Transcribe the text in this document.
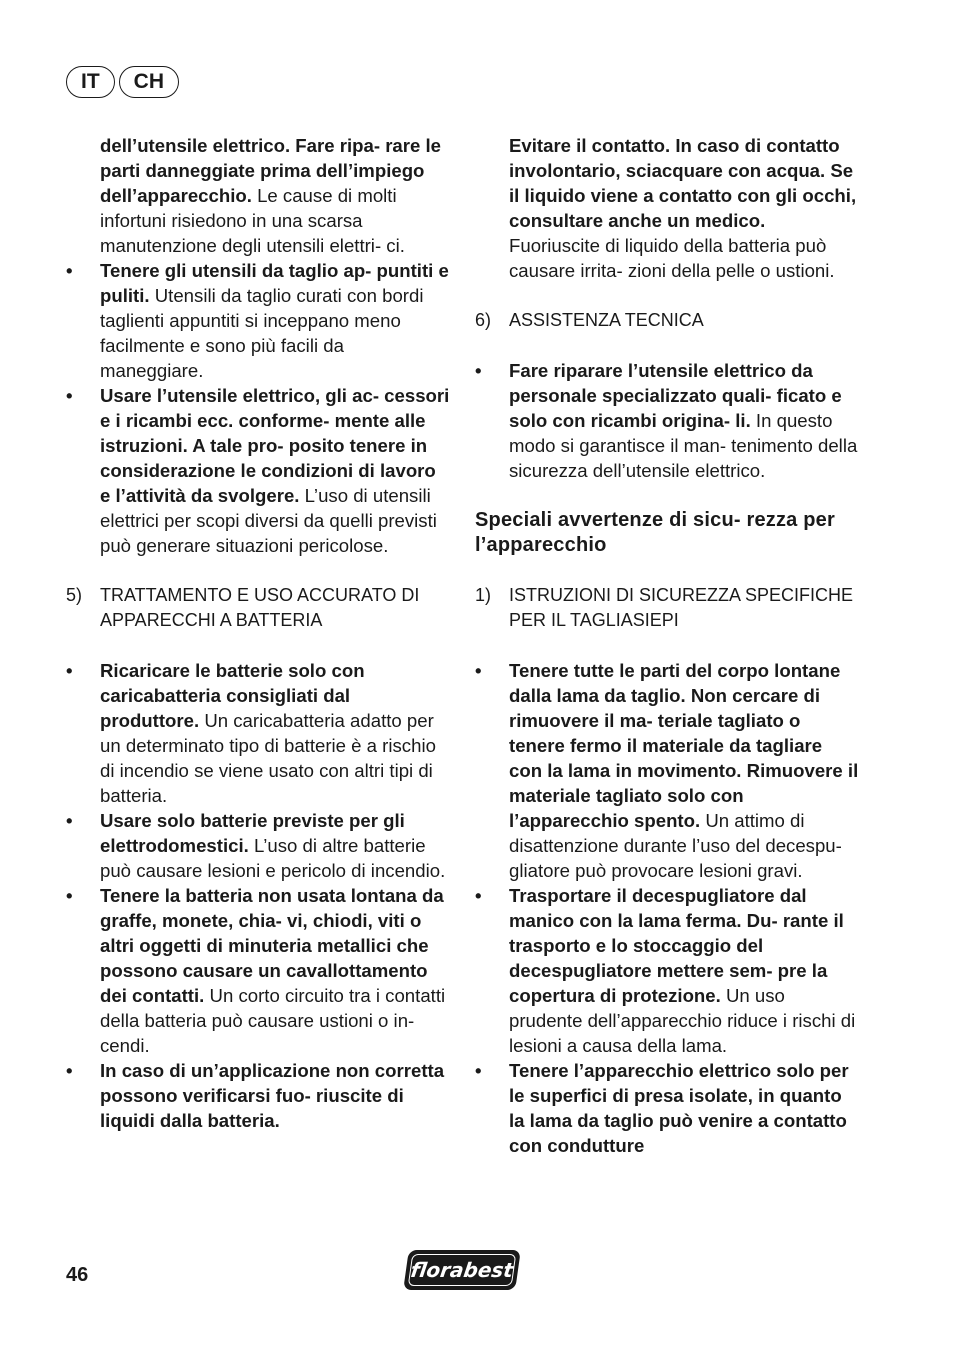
IT	CH
dell’utensile elettrico. Fare ripa- rare le parti danneggiate prima dell’impiego dell’apparecchio. Le cause di molti infortuni risiedono in una scarsa manutenzione degli utensili elettri- ci.
•	Tenere gli utensili da taglio ap- puntiti e puliti. Utensili da taglio curati con bordi taglienti appuntiti si inceppano meno facilmente e sono più facili da maneggiare.
•	Usare l’utensile elettrico, gli ac- cessori e i ricambi ecc. conforme- mente alle istruzioni. A tale pro- posito tenere in considerazione le condizioni di lavoro e l’attività da svolgere. L’uso di utensili elettrici per scopi diversi da quelli previsti può generare situazioni pericolose.
5) TRATTAMENTO E USO ACCURATO DI APPARECCHI A BATTERIA
•	Ricaricare le batterie solo con caricabatteria consigliati dal produttore. Un caricabatteria adatto per un determinato tipo di batterie è a rischio di incendio se viene usato con altri tipi di batteria.
•	Usare solo batterie previste per gli elettrodomestici. L’uso di altre batterie può causare lesioni e pericolo di incendio.
•	Tenere la batteria non usata lontana da graffe, monete, chia- vi, chiodi, viti o altri oggetti di minuteria metallici che possono causare un cavallottamento dei contatti. Un corto circuito tra i contatti della batteria può causare ustioni o in- cendi.
•	In caso di un’applicazione non corretta possono verificarsi fuo- riuscite di liquidi dalla batteria.
Evitare il contatto. In caso di contatto involontario, sciacquare con acqua. Se il liquido viene a contatto con gli occhi, consultare anche un medico. Fuoriuscite di liquido della batteria può causare irrita- zioni della pelle o ustioni.
6) ASSISTENZA TECNICA
•	Fare riparare l’utensile elettrico da personale specializzato quali- ficato e solo con ricambi origina- li. In questo modo si garantisce il man- tenimento della sicurezza dell’utensile elettrico.
Speciali avvertenze di sicu- rezza per l’apparecchio
1) ISTRUZIONI DI SICUREZZA SPECIFICHE PER IL TAGLIASIEPI
•	Tenere tutte le parti del corpo lontane dalla lama da taglio. Non cercare di rimuovere il ma- teriale tagliato o tenere fermo il materiale da tagliare con la lama in movimento. Rimuovere il materiale tagliato solo con l’apparecchio spento. Un attimo di disattenzione durante l’uso del decespu- gliatore può provocare lesioni gravi.
•	Trasportare il decespugliatore dal manico con la lama ferma. Du- rante il trasporto e lo stoccaggio del decespugliatore mettere sem- pre la copertura di protezione. Un uso prudente dell’apparecchio riduce i rischi di lesioni a causa della lama.
•	Tenere l’apparecchio elettrico solo per le superfici di presa isolate, in quanto la lama da taglio può venire a contatto con condutture
46	florabest
